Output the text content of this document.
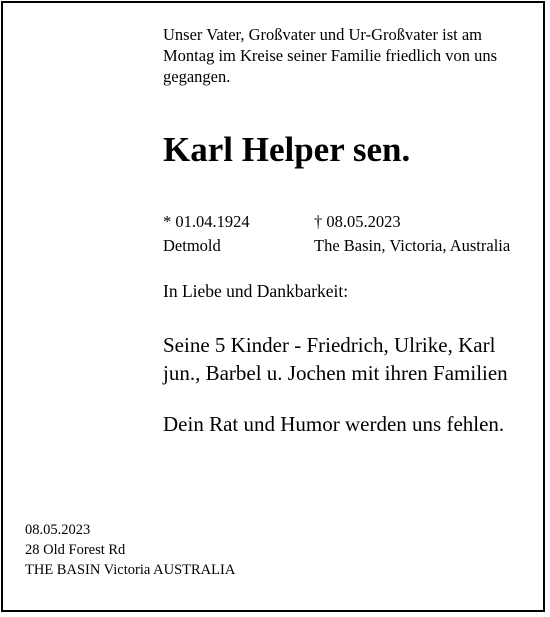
Unser Vater, Großvater und Ur-Großvater ist am
Montag im Kreise seiner Familie friedlich von uns
gegangen.
Karl Helper sen.
* 01.04.1924
Detmold
† 08.05.2023
The Basin, Victoria, Australia
In Liebe und Dankbarkeit:
Seine 5 Kinder - Friedrich, Ulrike, Karl
jun., Barbel u. Jochen mit ihren Familien
Dein Rat und Humor werden uns fehlen.
08.05.2023
28 Old Forest Rd
THE BASIN Victoria AUSTRALIA
